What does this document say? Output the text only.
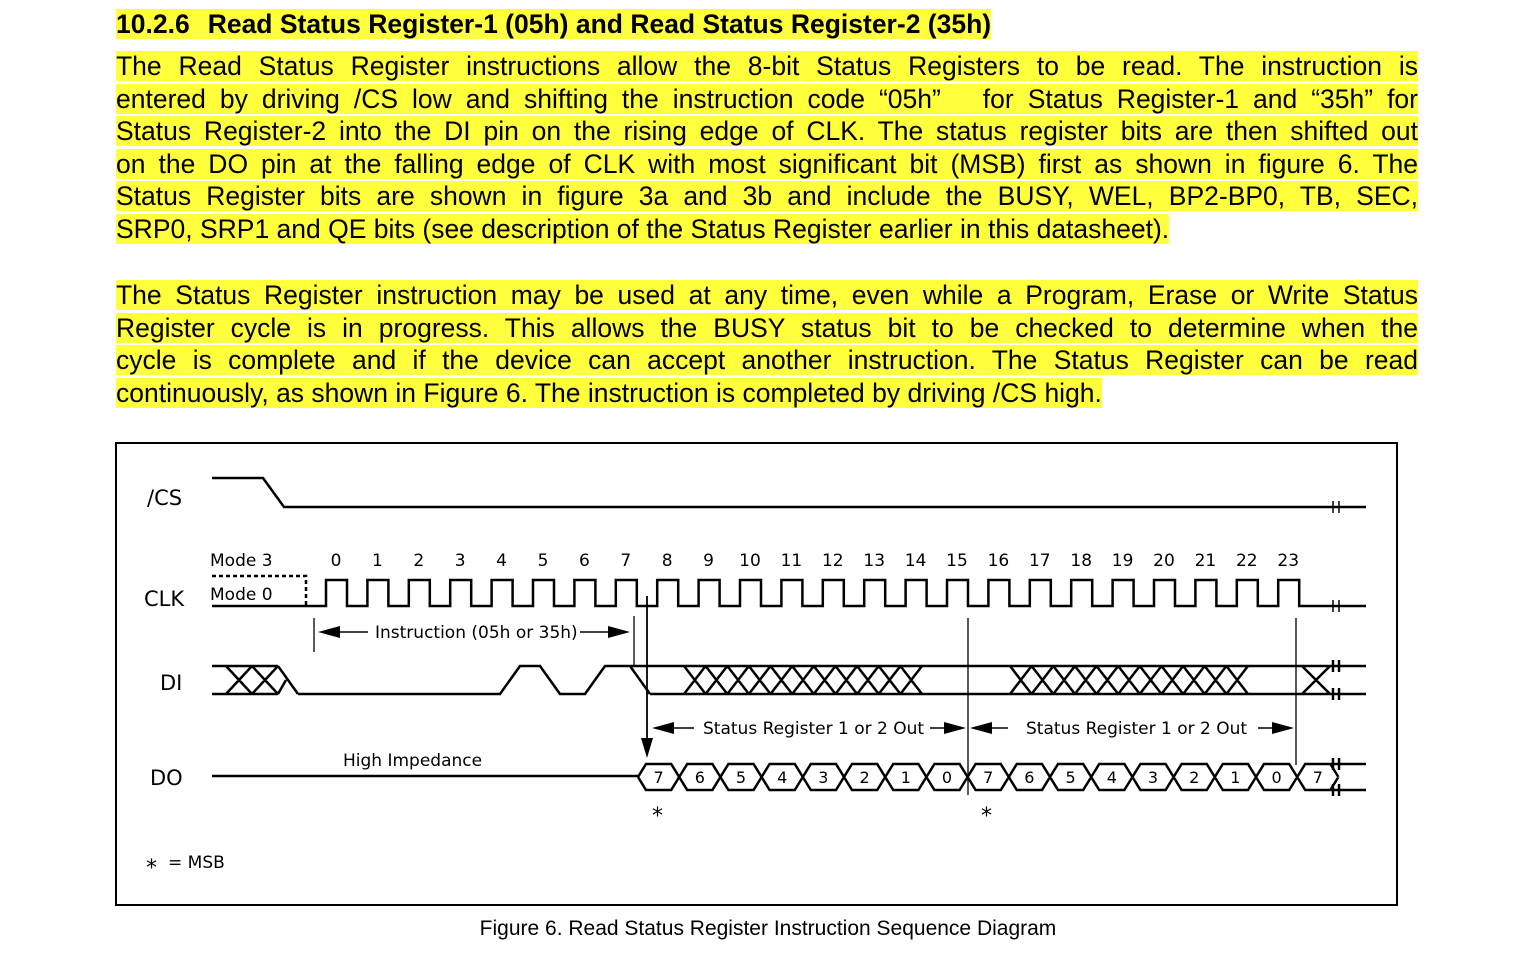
10.2.6 Read Status Register-1 (05h) and Read Status Register-2 (35h)
The Read Status Register instructions allow the 8-bit Status Registers to be read. The instruction is
entered by driving /CS low and shifting the instruction code “05h”   for Status Register-1 and “35h” for
Status Register-2 into the DI pin on the rising edge of CLK. The status register bits are then shifted out
on the DO pin at the falling edge of CLK with most significant bit (MSB) first as shown in figure 6. The
Status Register bits are shown in figure 3a and 3b and include the BUSY, WEL, BP2-BP0, TB, SEC,
SRP0, SRP1 and QE bits (see description of the Status Register earlier in this datasheet).
The Status Register instruction may be used at any time, even while a Program, Erase or Write Status
Register cycle is in progress. This allows the BUSY status bit to be checked to determine when the
cycle is complete and if the device can accept another instruction. The Status Register can be read
continuously, as shown in Figure 6. The instruction is completed by driving /CS high.
/CS
CLK
DI
DO
Mode 3
Mode 0
Instruction (05h or 35h)
Status Register 1 or 2 Out	Status Register 1 or 2 Out
High Impedance
= MSB
*	*
*
0 1 2 3 4 5 6 7 8 9 10 11 12 13 14 15 16 17 18 19 20 21 22 23
7 6 5 4 3 2 1 0 7 6 5 4 3 2 1 0 7
Figure 6. Read Status Register Instruction Sequence Diagram
